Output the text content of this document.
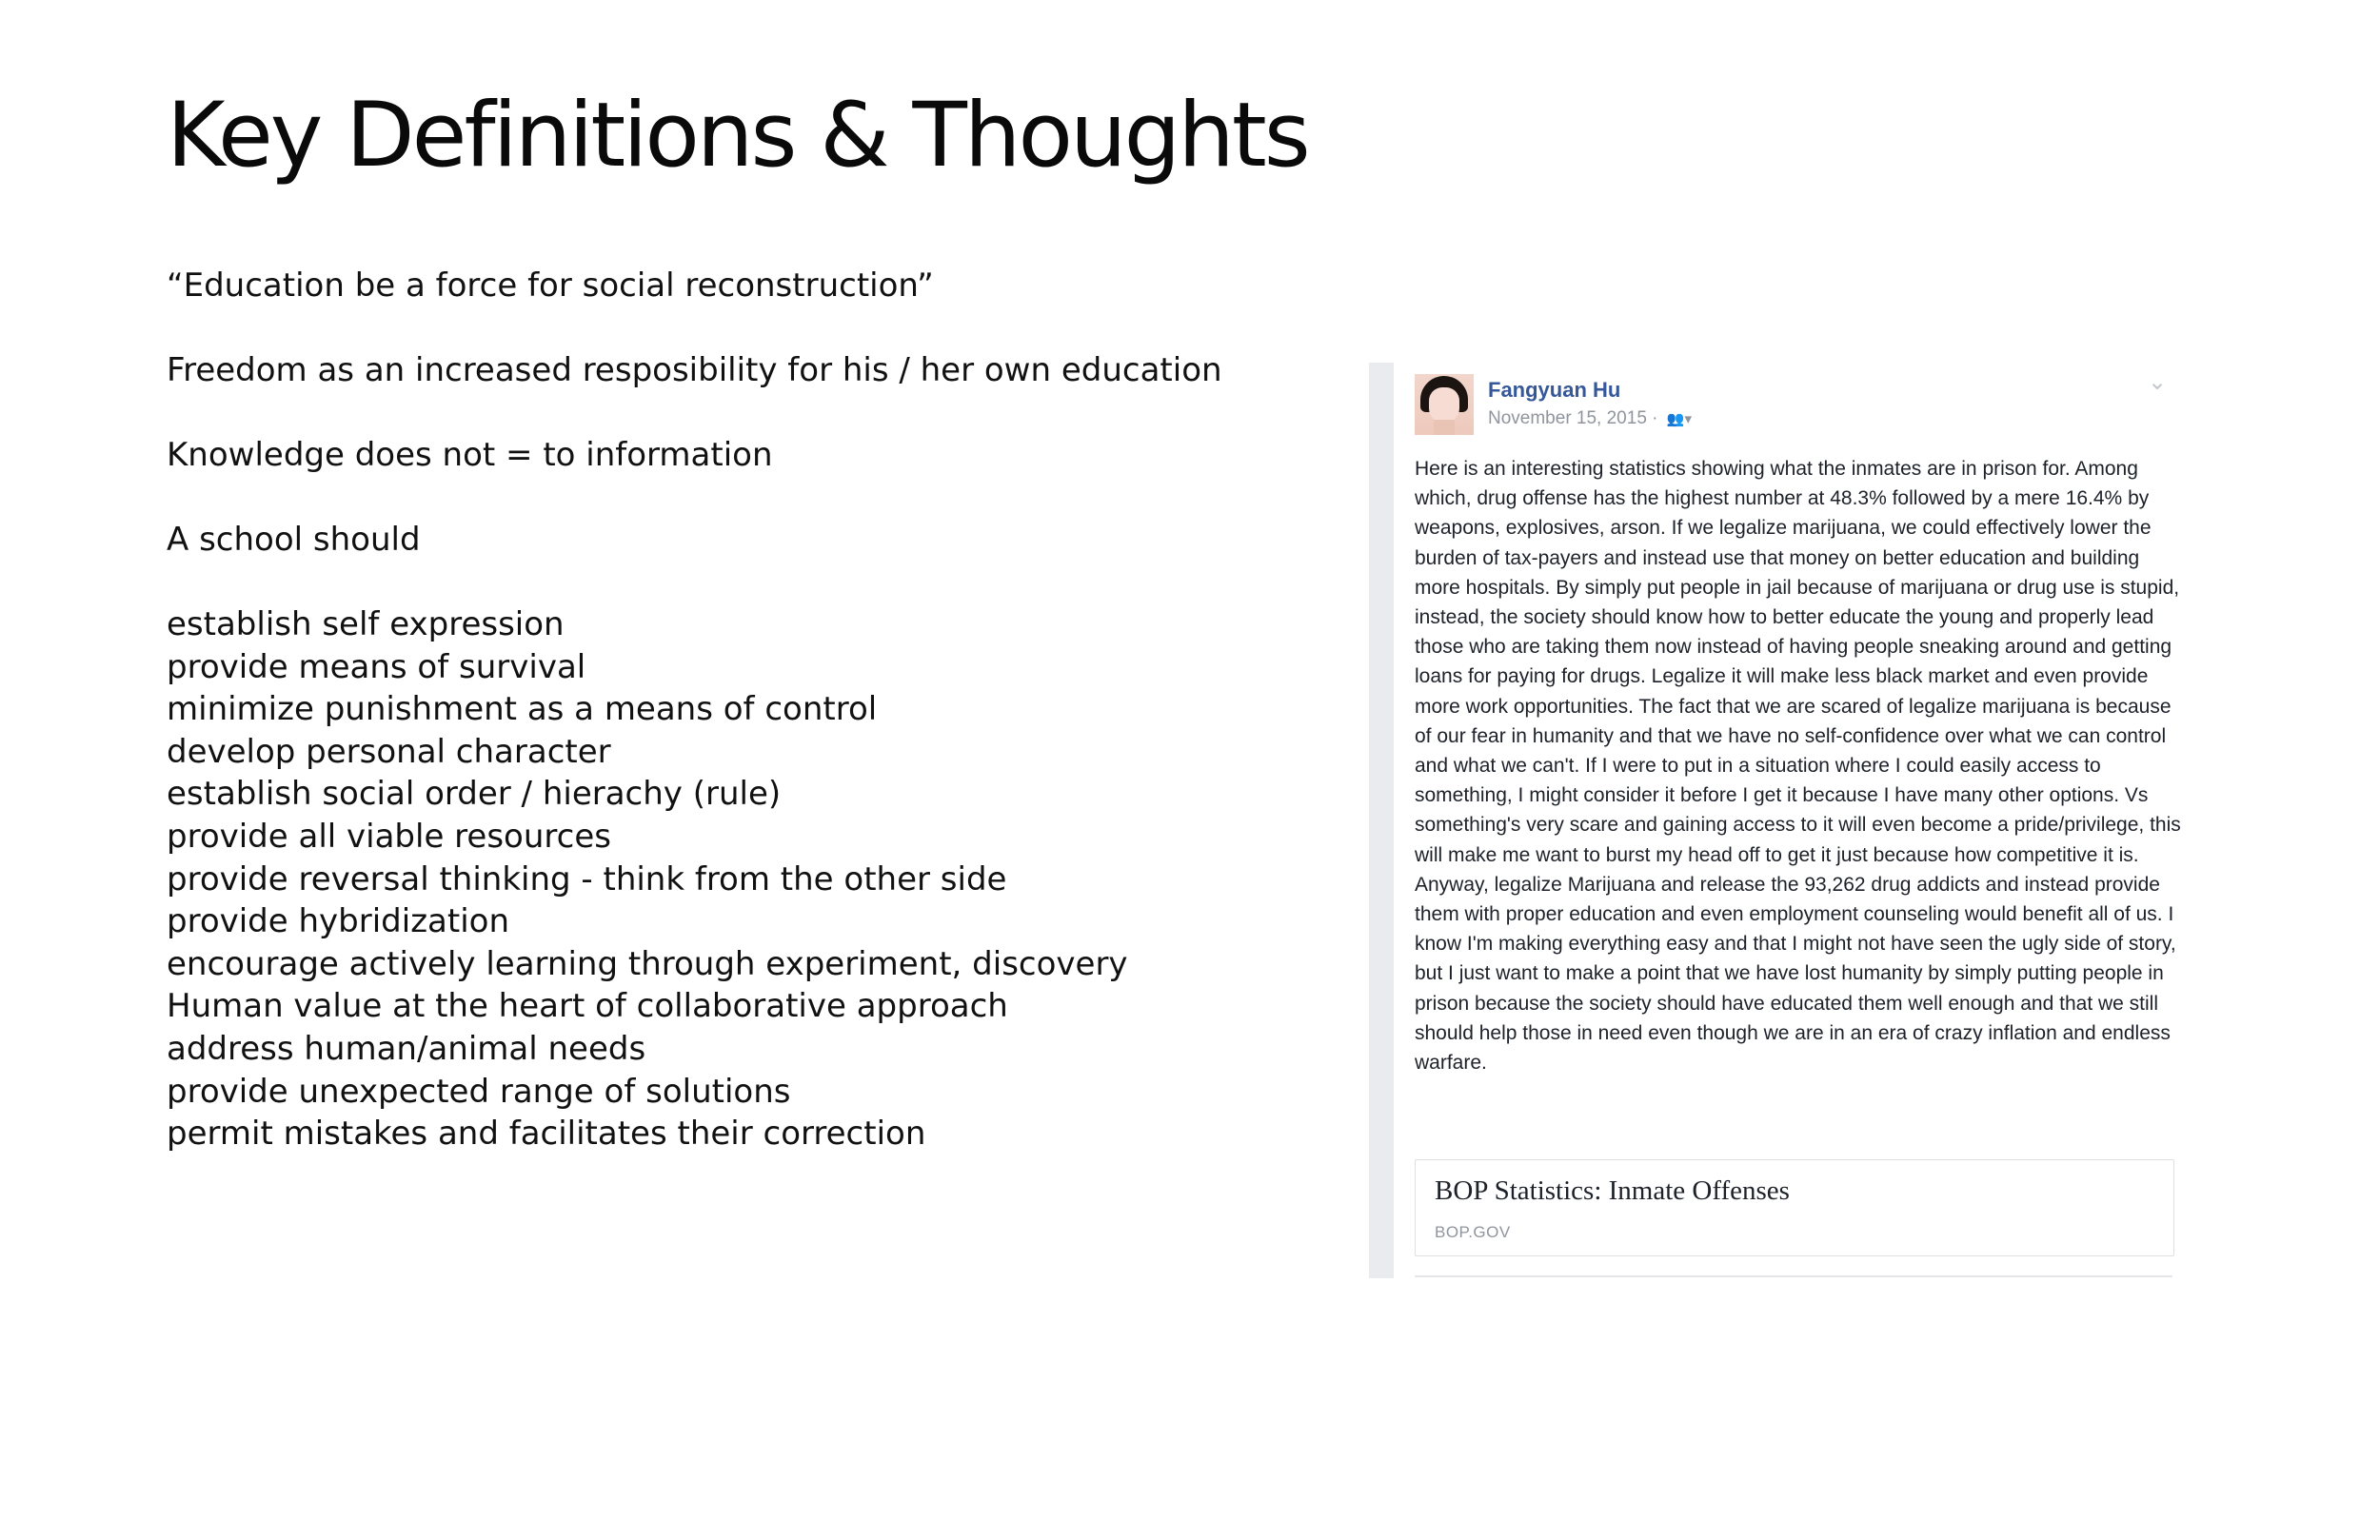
Key Definitions & Thoughts

“Education be a force for social reconstruction”

Freedom as an increased resposibility for his / her own education

Knowledge does not = to information

A school should

establish self expression
provide means of survival
minimize punishment as a means of control
develop personal character
establish social order / hierachy (rule)
provide all viable resources
provide reversal thinking - think from the other side
provide hybridization
encourage actively learning through experiment, discovery
Human value at the heart of collaborative approach
address human/animal needs
provide unexpected range of solutions
permit mistakes and facilitates their correction
Fangyuan Hu
November 15, 2015 · 👥▾
⌄

Here is an interesting statistics showing what the inmates are in prison for. Among which, drug offense has the highest number at 48.3% followed by a mere 16.4% by weapons, explosives, arson. If we legalize marijuana, we could effectively lower the burden of tax-payers and instead use that money on better education and building more hospitals. By simply put people in jail because of marijuana or drug use is stupid, instead, the society should know how to better educate the young and properly lead those who are taking them now instead of having people sneaking around and getting loans for paying for drugs. Legalize it will make less black market and even provide more work opportunities. The fact that we are scared of legalize marijuana is because of our fear in humanity and that we have no self-confidence over what we can control and what we can't. If I were to put in a situation where I could easily access to something, I might consider it before I get it because I have many other options. Vs something's very scare and gaining access to it will even become a pride/privilege, this will make me want to burst my head off to get it just because how competitive it is. Anyway, legalize Marijuana and release the 93,262 drug addicts and instead provide them with proper education and even employment counseling would benefit all of us. I know I'm making everything easy and that I might not have seen the ugly side of story, but I just want to make a point that we have lost humanity by simply putting people in prison because the society should have educated them well enough and that we still should help those in need even though we are in an era of crazy inflation and endless warfare.

BOP Statistics: Inmate Offenses
BOP.GOV
